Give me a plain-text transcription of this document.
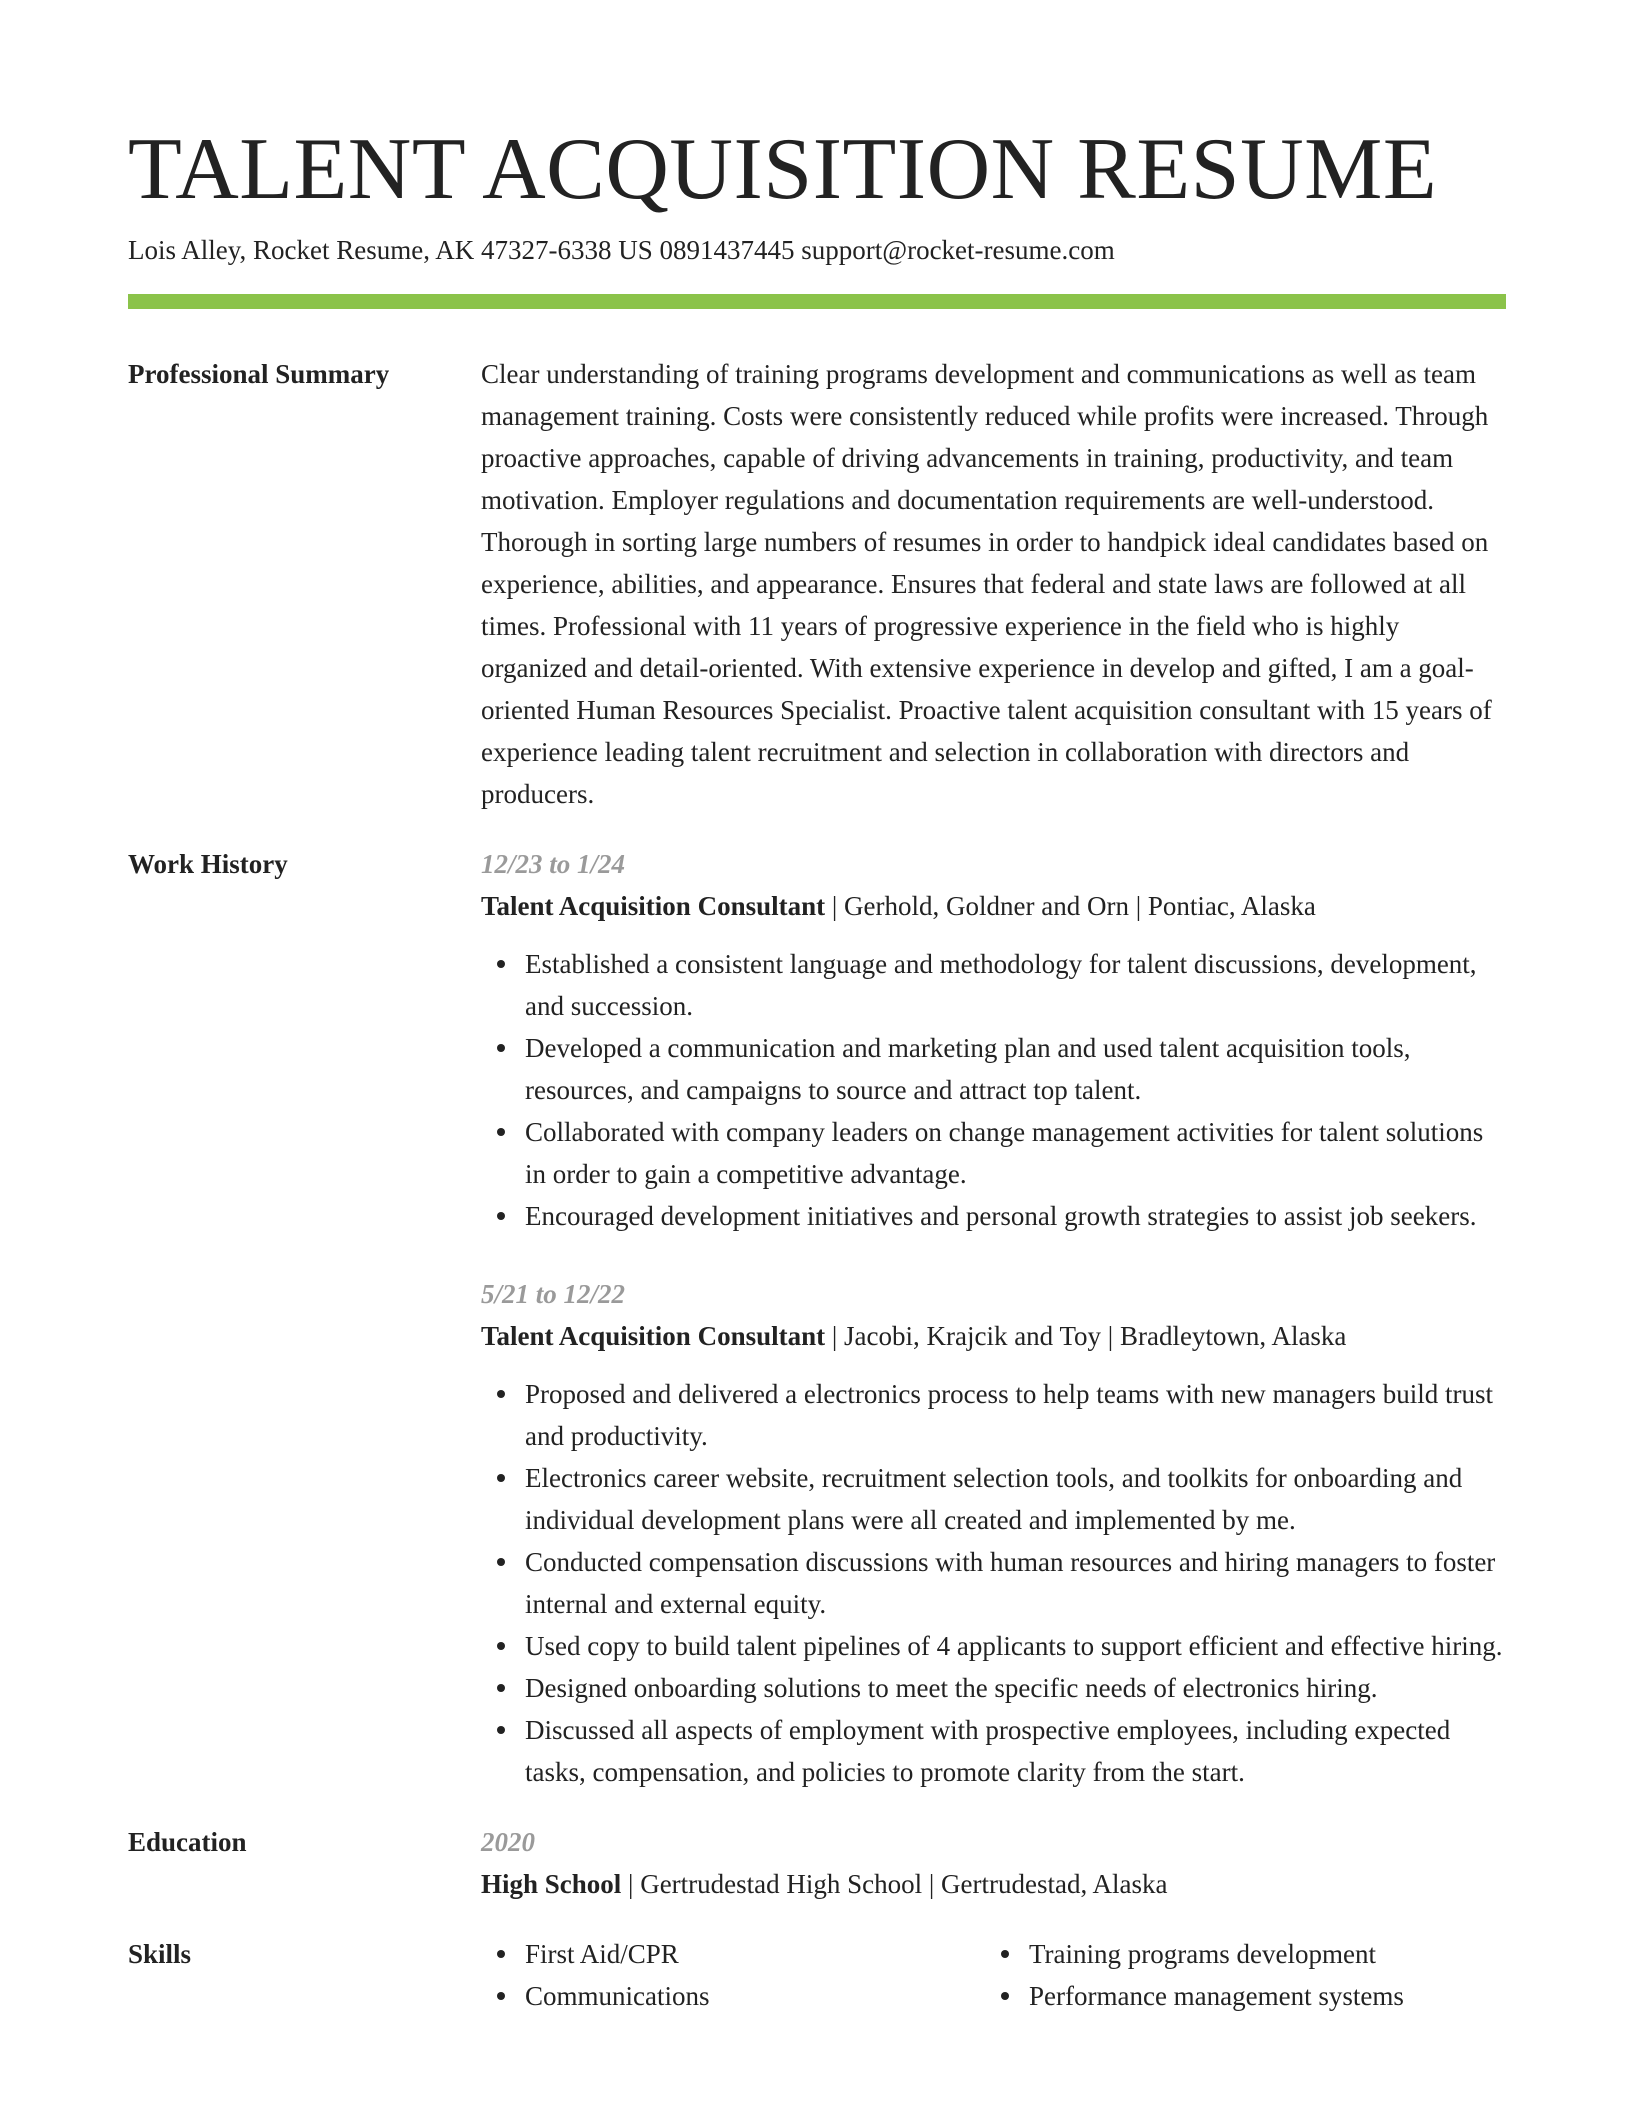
TALENT ACQUISITION RESUME
Lois Alley, Rocket Resume, AK 47327-6338 US 0891437445 support@rocket-resume.com
Professional Summary	Clear understanding of training programs development and communications as well as team management training. Costs were consistently reduced while profits were increased. Through proactive approaches, capable of driving advancements in training, productivity, and team motivation. Employer regulations and documentation requirements are well-understood. Thorough in sorting large numbers of resumes in order to handpick ideal candidates based on experience, abilities, and appearance. Ensures that federal and state laws are followed at all times. Professional with 11 years of progressive experience in the field who is highly organized and detail-oriented. With extensive experience in develop and gifted, I am a goal-oriented Human Resources Specialist. Proactive talent acquisition consultant with 15 years of experience leading talent recruitment and selection in collaboration with directors and producers.

Work History	12/23 to 1/24
Talent Acquisition Consultant | Gerhold, Goldner and Orn | Pontiac, Alaska
Established a consistent language and methodology for talent discussions, development, and succession.
Developed a communication and marketing plan and used talent acquisition tools, resources, and campaigns to source and attract top talent.
Collaborated with company leaders on change management activities for talent solutions in order to gain a competitive advantage.
Encouraged development initiatives and personal growth strategies to assist job seekers.
5/21 to 12/22
Talent Acquisition Consultant | Jacobi, Krajcik and Toy | Bradleytown, Alaska
Proposed and delivered a electronics process to help teams with new managers build trust and productivity.
Electronics career website, recruitment selection tools, and toolkits for onboarding and individual development plans were all created and implemented by me.
Conducted compensation discussions with human resources and hiring managers to foster internal and external equity.
Used copy to build talent pipelines of 4 applicants to support efficient and effective hiring.
Designed onboarding solutions to meet the specific needs of electronics hiring.
Discussed all aspects of employment with prospective employees, including expected tasks, compensation, and policies to promote clarity from the start.
Education	2020
High School | Gertrudestad High School | Gertrudestad, Alaska
Skills	First Aid/CPR
Communications
Training programs development
Performance management systems
